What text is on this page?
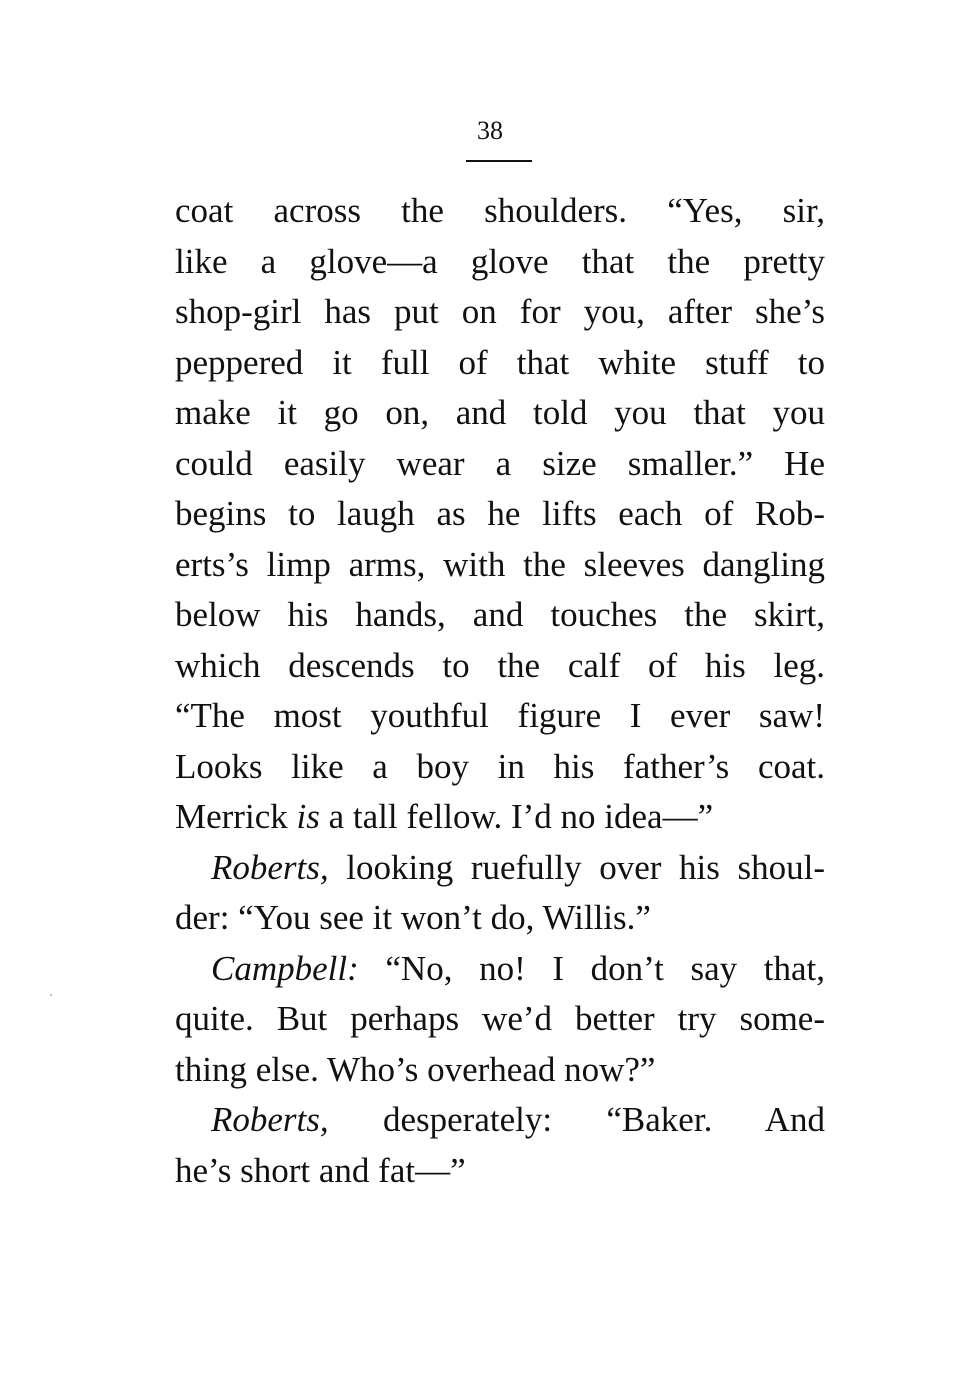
38
coat across the shoulders. “Yes, sir,
like a glove—a glove that the pretty
shop-girl has put on for you, after she’s
peppered it full of that white stuff to
make it go on, and told you that you
could easily wear a size smaller.” He
begins to laugh as he lifts each of Rob-
erts’s limp arms, with the sleeves dangling
below his hands, and touches the skirt,
which descends to the calf of his leg.
“The most youthful figure I ever saw!
Looks like a boy in his father’s coat.
Merrick is a tall fellow. I’d no idea—”
Roberts, looking ruefully over his shoul-
der: “You see it won’t do, Willis.”
Campbell: “No, no! I don’t say that,
quite. But perhaps we’d better try some-
thing else. Who’s overhead now?”
Roberts, desperately: “Baker. And
he’s short and fat—”
